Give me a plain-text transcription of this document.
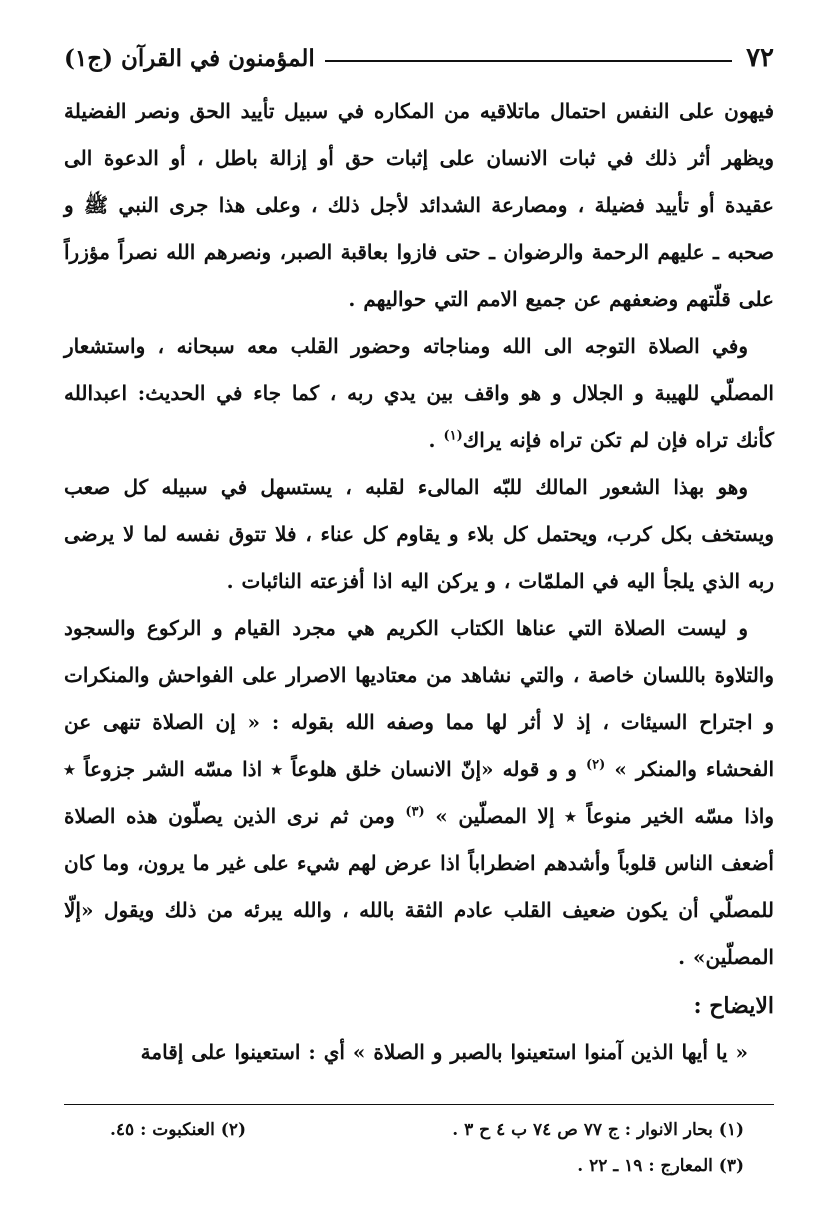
٧٢
المؤمنون في القرآن (ج١)

فيهون على النفس احتمال ماتلاقيه من المكاره في سبيل تأييد الحق ونصر الفضيلة ويظهر أثر ذلك في ثبات الانسان على إثبات حق أو إزالة باطل ، أو الدعوة الى عقيدة أو تأييد فضيلة ، ومصارعة الشدائد لأجل ذلك ، وعلى هذا جرى النبي ﷺ و صحبه ـ عليهم الرحمة والرضوان ـ حتى فازوا بعاقبة الصبر، ونصرهم الله نصراً مؤزراً على قلّتهم وضعفهم عن جميع الامم التي حواليهم .

وفي الصلاة التوجه الى الله ومناجاته وحضور القلب معه سبحانه ، واستشعار المصلّي للهيبة و الجلال و هو واقف بين يدي ربه ، كما جاء في الحديث: اعبدالله كأنك تراه فإن لم تكن تراه فإنه يراك$^{(١)}$ .

وهو بهذا الشعور المالك للبّه المالىء لقلبه ، يستسهل في سبيله كل صعب ويستخف بكل كرب، ويحتمل كل بلاء و يقاوم كل عناء ، فلا تتوق نفسه لما لا يرضى ربه الذي يلجأ اليه في الملمّات ، و يركن اليه اذا أفزعته النائبات .

و ليست الصلاة التي عناها الكتاب الكريم هي مجرد القيام و الركوع والسجود والتلاوة باللسان خاصة ، والتي نشاهد من معتاديها الاصرار على الفواحش والمنكرات و اجتراح السيئات ، إذ لا أثر لها مما وصفه الله بقوله : « إن الصلاة تنهى عن الفحشاء والمنكر » $^{(٢)}$ و و قوله «إنّ الانسان خلق هلوعاً ٭ اذا مسّه الشر جزوعاً ٭ واذا مسّه الخير منوعاً ٭ إلا المصلّين » $^{(٣)}$ ومن ثم نرى الذين يصلّون هذه الصلاة أضعف الناس قلوباً وأشدهم اضطراباً اذا عرض لهم شيء على غير ما يرون، وما كان للمصلّي أن يكون ضعيف القلب عادم الثقة بالله ، والله يبرئه من ذلك ويقول «إلّا المصلّين» .

الايضاح :

« يا أيها الذين آمنوا استعينوا بالصبر و الصلاة » أي : استعينوا على إقامة

(١) بحار الانوار : ج ٧٧ ص ٧٤ ب ٤ ح ٣ .
(٢) العنكبوت : ٤٥.
(٣) المعارج : ١٩ ـ ٢٢ .
